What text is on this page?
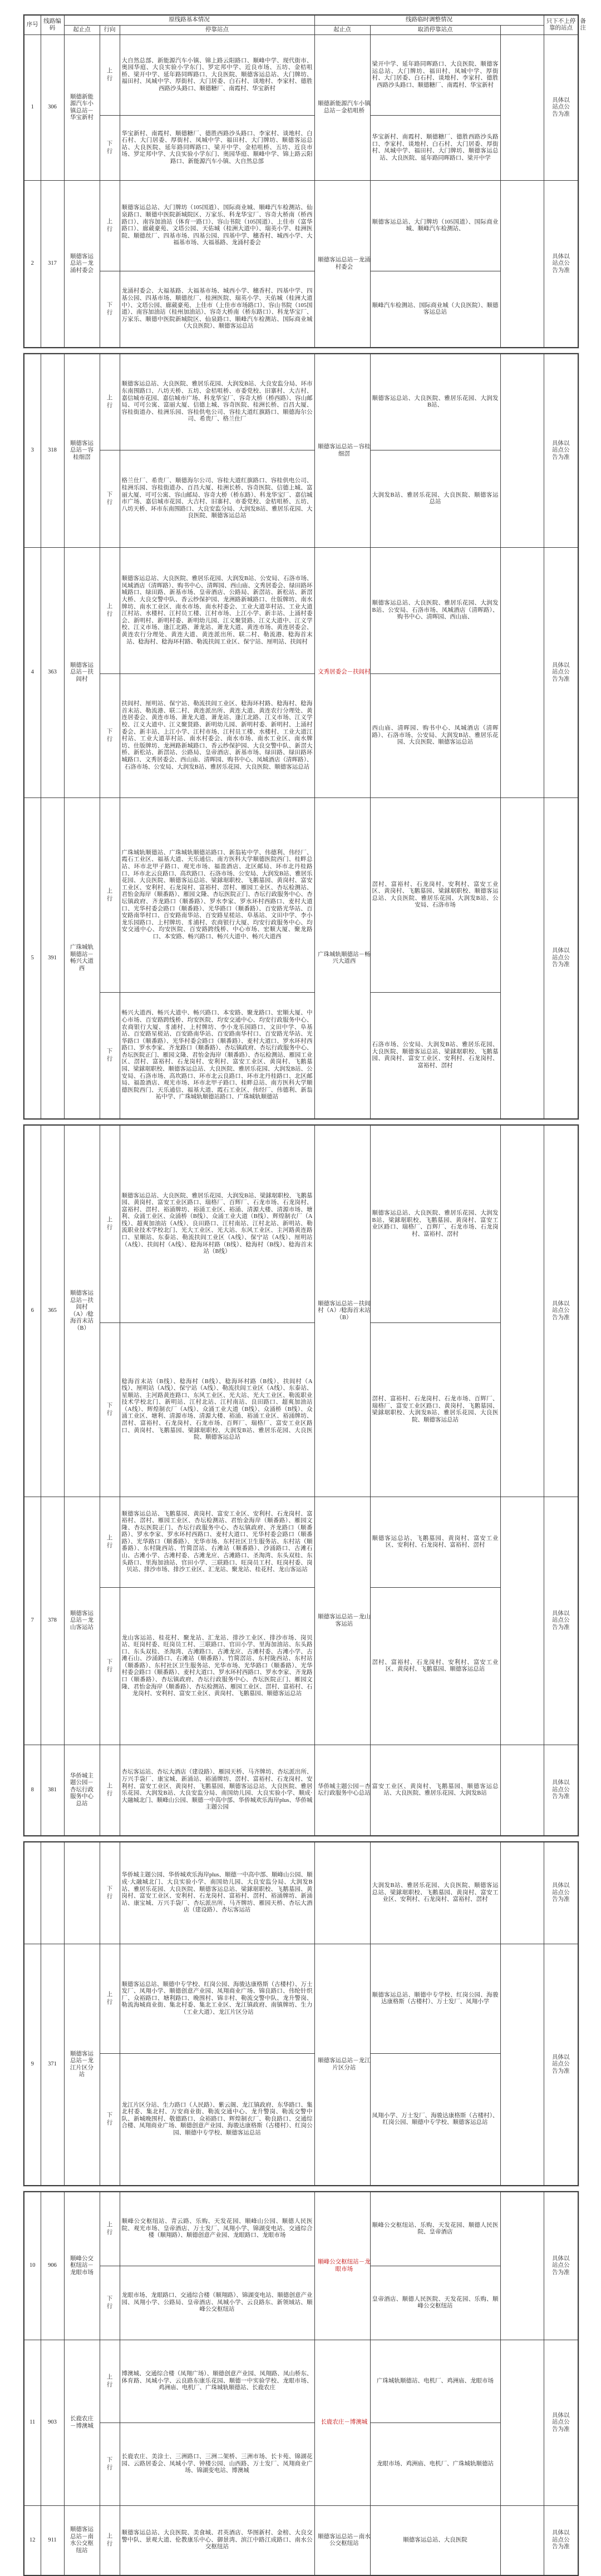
序号	线路编码	原线路基本情况			线路临时调整情况			只下不上停靠的站点	备注
		起止点	行向	停靠站点	起止点	取消停靠站点			
1	306	顺德新能源汽车小镇总站－华宝新村	上行	大自然总部、新能源汽车小镇、锦上路云阳路口、顺峰中学、现代街市、奥园华庭、大良实验小学东门、罗定邦中学、近良市场、五坊、金桔咀桥、梁开中学、延年路同晖路口、大良医院、顺德客运总站、大门牌坊、福田村、凤城中学、厚街村、大门居委、白石村、谈地村、李家村、德胜西路沙头路口、顺德糖厂、南霞村、华宝新村	顺德新能源汽车小镇总站－金桔咀桥	梁开中学、延年路同晖路口、大良医院、顺德客运总站、大门牌坊、福田村、凤城中学、厚街村、大门居委、白石村、谈地村、李家村、德胜西路沙头路口、顺德糖厂、南霞村、华宝新村		具体以站点公告为准	

			下行	华宝新村、南霞村、顺德糖厂、德胜西路沙头路口、李家村、谈地村、白石村、大门居委、厚街村、凤城中学、福田村、大门牌坊、顺德客运总站、大良医院、延年路同晖路口、梁开中学、金桔咀桥、五坊、近良市场、罗定邦中学、大良实验小学东门、奥园华庭、顺峰中学、锦上路云阳路口、新能源汽车小镇、大自然总部		华宝新村、南霞村、顺德糖厂、德胜西路沙头路口、李家村、谈地村、白石村、大门居委、厚街村、凤城中学、福田村、大门牌坊、顺德客运总站、大良医院、延年路同晖路口、梁开中学			
2	317	顺德客运总站－龙涌村委会	上行	顺德客运总站、大门牌坊（105国道）、国际商业城、顺峰汽车检测站、仙泉路口、顺德中医院新城院区、万家乐、科龙华宝厂、容奇大桥南（桥西路口）、南容加油站（体育一路口）、容山书院（105国道）、上佳市（富华路口）、廊葳豪苑、文塔公园、天佑城（桂洲大道中）、瑞英小学、桂洲医院、顺德丝厂、四基市场、四基公园、四基中学、穗香村、城西小学、大福基市场、大福基路、龙涌村委会	顺德客运总站－龙涌村委会	顺德客运总站、大门牌坊（105国道）、国际商业城、顺峰汽车检测站、		具体以站点公告为准	

			下行	龙涌村委会、大福基路、大福基市场、城西小学、穗香村、四基中学、四基公园、四基市场、顺德丝厂、桂洲医院、瑞英小学、天佑城（桂洲大道中）、文塔公园、廊葳豪苑、上佳市（上佳市市场路口）、容山书院（105国道）、南容加油站（桂州加油站）、容奇大桥南（桥东路口）、科龙华宝厂、万家乐、顺德中医院新城院区、仙泉路口、顺峰汽车检测站、国际商业城（大良医院）、顺德客运总站		顺峰汽车检测站、国际商业城（大良医院）、顺德客运总站			
3	318	顺德客运总站－容桂细滘	上行	顺德客运总站、大良医院、雅居乐花园、大润发B站、大良安监分局、环市东南围路口、八坊天桥、五坊、金桔咀桥、市委党校、旧寨村、大吉村、嘉信城市花园、嘉信城市广场、科龙华宝厂、容奇大桥（桥西路）、容山邮局、可可公寓、富丽大厦、信德上城、容奇医院、桂洲长桥、百昌大厦、容桂街道办、桂洲乐园、容桂供电公司、容桂大道红旗路口、顺德海尔公司、希贵厂、格兰仕厂	顺德客运总站－容桂细滘	顺德客运总站、大良医院、雅居乐花园、大润发B站、		具体以站点公告为准

			下行	格兰仕厂、希贵厂、顺德海尔公司、容桂大道红旗路口、容桂供电公司、桂洲乐园、容桂街道办、百昌大厦、桂洲长桥、容奇医院、信德上城、富丽大厦、可可公寓、容山邮局、容奇大桥（桥东路）、科龙华宝厂、嘉信城市广场、嘉信城市花园、大吉村、旧寨村、市委党校、金桔咀桥、五坊、八坊天桥、环市东南围路口、大良安监分局、大润发B站、雅居乐花园、大良医院、顺德客运总站		大润发B站、雅居乐花园、大良医院、顺德客运总站		
4	363	顺德客运总站－扶闾村	上行	顺德客运总站、大良医院、雅居乐花园、大润发B站、公安局、石洛市场、凤城酒店（清晖路）、购书中心、清晖园、西山庙、文秀居委会、绿田路环城路口、绿田路、新基市场、皇帝酒店、公路局、新滘站、新松站、新滘大桥、大良交警中队、香云纱保护园、龙洲路新城路口、仕版牌坊、南水牌坊、南水工业区、南水市场、南水村委会、工业大道莘村站、工业大道江村站、水楼村、江村员工楼、江村市场、上江小学、新丰站、上涌村委会、新明村、新明村委、新明幼儿园、江义聚贤路、江义大道中、江义学校、江义市场、逢江北路、萧龙站、萧龙大道、黄连市场、黄连居委会、黄连农行分理处、黄连大道、黄连派出所、联二村、勒流港、稔海首末站、稔海村、稔海环村路、勒流扶闾工业区、保宁站、厘明站、扶闾村	文秀居委会－扶闾村	顺德客运总站、大良医院、雅居乐花园、大润发B站、公安局、石洛市场、凤城酒店（清晖路）、购书中心、清晖园、西山庙、		具体以站点公告为准

			下行	扶闾村、厘明站、保宁站、勒流扶闾工业区、稔海环村路、稔海村、稔海首末站、勒流港、联二村、黄连派出所、黄连大道、黄连农行分理处、黄连居委会、黄连市场、萧龙大道、萧龙站、逢江北路、江义市场、江义学校、江义大道中、江义聚贤路、新明幼儿园、新明村委、新明村、上涌村委会、新丰站、上江小学、江村市场、江村员工楼、水楼村、工业大道江村站、工业大道莘村站、南水村委会、南水市场、南水工业区、南水牌坊、仕版牌坊、龙洲路新城路口、香云纱保护园、大良交警中队、新滘大桥、新松站、新滘站、公路局、皇帝酒店、新基市场、绿田路、绿田路环城路口、文秀居委会、西山庙、清晖园、购书中心、凤城酒店（清晖路）、石洛市场、公安局、大润发B站、雅居乐花园、大良医院、顺德客运总站		西山庙、清晖园、购书中心、凤城酒店（清晖路）、石洛市场、公安局、大润发B站、雅居乐花园、大良医院、顺德客运总站		
5	391	广珠城轨顺德站－畅兴大道西	上行	广珠城轨顺德站、广珠城轨顺德站路口、新翁祐中学、伟德利、伟经厂、霞石工业区、福基大道、天乐通信、南方医科大学顺德医院西门、桂畔总站、环市北甲子路口、观光市场、福盈酒店、北区邮局、环市北丹桂路口、环市北云良路口、高坎路口、石洛市场、公安局、大润发B站、雅居乐花园、大良医院、顺德客运总站、梁銶琚职校、飞鹅墓园、黄岗村、富安工业区、安利村、石龙岗村、富裕村、滘村、雁园工业区、杏坛检测站、君怡金海岸（顺番路）、雁园文隆、杏坛医院正门、杏坛行政服务中心、杏坛镇政府、齐龙路口（顺番路）、罗水李家、罗水环村西路口、麦村大道口、光华村委会路口（顺番路）、光华路口（顺番路）、百安路光华站、百安路南华村口、百安路南华站、百安路星槎站、阜基站、文田中学、李小龙乐园路口、上村牌坊、豸浦村、农商银行大厦、均安行政服务中心、均安交通中心、均安医院、百安路跨线桥、中心市场、宏顺大厦、聚龙路口、本安路、畅兴路口、畅兴大道中、畅兴大道西	广珠城轨顺德站－畅兴大道西	滘村、富裕村、石龙岗村、安利村、富安工业区、黄岗村、飞鹅墓园、梁銶琚职校、顺德客运总站、大良医院、雅居乐花园、大润发B站、公安局、石洛市场		具体以站点公告为准

			下行	畅兴大道西、畅兴大道中、畅兴路口、本安路、聚龙路口、宏顺大厦、中心市场、百安路跨线桥、均安医院、均安交通中心、均安行政服务中心、农商银行大厦、豸浦村、上村牌坊、李小龙乐园路口、文田中学、阜基站、百安路星槎站、百安路南华站、百安路南华村口、百安路光华站、光华路口（顺番路）、光华村委会路口（顺番路）、麦村大道口、罗水环村西路口、罗水李家、齐龙路口（顺番路）、杏坛镇政府、杏坛行政服务中心、杏坛医院正门、雁园文隆、君怡金海岸（顺番路）、杏坛检测站、雁园工业区、滘村、富裕村、石龙岗村、安利村、富安工业区、黄岗村、飞鹅墓园、梁銶琚职校、顺德客运总站、大良医院、雅居乐花园、大润发B站、公安局、石洛市场、高坎路口、环市北云良路口、环市北丹桂路口、北区邮局、福盈酒店、观光市场、环市北甲子路口、桂畔总站、南方医科大学顺德医院西门、天乐通信、福基大道、霞石工业区、伟经厂、伟德利、新翁祐中学、广珠城轨顺德站路口、广珠城轨顺德站		石洛市场、公安局、大润发B站、雅居乐花园、大良医院、顺德客运总站、梁銶琚职校、飞鹅墓园、黄岗村、富安工业区、安利村、石龙岗村、富裕村、滘村		
6	365	顺德客运总站－扶闾村（A）/稔海首末站（B）	上行	顺德客运总站、大良医院、雅居乐花园、大润发B站、梁銶琚职校、飞鹅墓园、黄岗村、富安工业区路口、瑞格厂、百辉厂、石龙市场、石龙岗村、富裕村、滘村、裕涌牌坊、裕涌工业区、裕涌、清源大楼、清源市场、塘利、众涌工业区、众涌桥（B线）、众涌工业大道（B线）、辉煌制衣厂（A线）、超爽加油站（A线）、良田路口、江村南站、江村北站、新明站、勒流职业技术学校北门、光大工业区、光大站、东风工业区、主河路黄连路口、星顺站、东泰站、勒流扶闾工业区（A线）、保宁站（A线）、厘明站（A线）、扶闾村（A线）、稔海环村路（B线）、稔海村（B线）、稔海首末站（B线）	顺德客运总站－扶闾村（A）/稔海首末站（B）	顺德客运总站、大良医院、雅居乐花园、大润发B站、梁銶琚职校、飞鹅墓园、黄岗村、富安工业区路口、瑞格厂、百辉厂、石龙市场、石龙岗村、富裕村、滘村		具体以站点公告为准

			下行	稔海首末站（B线）、稔海村（B线）、稔海环村路（B线）、扶闾村（A线）、厘明站（A线）、保宁站（A线）、勒流扶闾工业区（A线）、东泰站、星顺站、主河路黄连路口、东风工业区、光大站、光大工业区、勒流职业技术学校北门、新明站、江村北站、江村南站、良田路口、超爽加油站（A线）、辉煌制衣厂（A线）、众涌工业大道（B线）、众涌桥（B线）、众涌工业区、塘利、清源市场、清源大楼、裕涌、裕涌工业区、裕涌牌坊、滘村、富裕村、石龙岗村、石龙市场、百辉厂、瑞格厂、富安工业区路口、黄岗村、飞鹅墓园、梁銶琚职校、大润发B站、雅居乐花园、大良医院、顺德客运总站		滘村、富裕村、石龙岗村、石龙市场、百辉厂、瑞格厂、富安工业区路口、黄岗村、飞鹅墓园、梁銶琚职校、大润发B站、雅居乐花园、大良医院、顺德客运总站		
7	378	顺德客运总站－龙山客运站	上行	顺德客运总站、飞鹅墓园、黄岗村、富安工业区、安利村、石龙岗村、富裕村、滘村、雁园工业区、杏坛检测站、君怡金海岸（顺番路）、雁园文隆、杏坛医院正门、杏坛行政服务中心、杏坛镇政府、齐龙路口（顺番路）、罗水李家、罗水环村西路口、麦村大道口、光华村委会路口（顺番路）、光华路口（顺番路）、光华市场、东村社区卫生服务站、东村站（顺番路）、东村陇西站、竹简滘站、右滩站（顺番路）、沙涌路口、古滩石山、古滩小学、古滩村委、古滩龙应、古滩路口、圣淘湾、东头双桂、东头路口、里海加油站、官田小学、三联路口、旺岗员工村、旺岗村委、岗贝站、排沙市场、排沙工业区、汇龙站、聚龙站、桂花村、龙山客运站	顺德客运总站－龙山客运站	顺德客运总站、飞鹅墓园、黄岗村、富安工业区、安利村、石龙岗村、富裕村、滘村		具体以站点公告为准

			下行	龙山客运站、桂花村、聚龙站、汇龙站、排沙工业区、排沙市场、岗贝站、旺岗村委、旺岗员工村、三联路口、官田小学、里海加油站、东头路口、东头双桂、圣淘湾、古滩路口、古滩龙应、古滩村委、古滩小学、古滩石山、沙涌路口、右滩站（顺番路）、竹简滘站、东村陇西站、东村站（顺番路）、东村社区卫生服务站、光华市场、光华路口（顺番路）、光华村委会路口（顺番路）、麦村大道口、罗水环村西路口、罗水李家、齐龙路口（顺番路）、杏坛镇政府、杏坛行政服务中心、杏坛医院正门、雁园文隆、君怡金海岸（顺番路）、杏坛检测站、雁园工业区、滘村、富裕村、石龙岗村、安利村、富安工业区、黄岗村、飞鹅墓园、顺德客运总站		滘村、富裕村、石龙岗村、安利村、富安工业区、黄岗村、飞鹅墓园、顺德客运总站		
8	381	华侨城主题公园－杏坛行政服务中心总站	上行	杏坛客运站、杏坛大酒店（建设路）、雁园天桥、马齐牌坊、杏坛派出所、万兴手袋厂、康宝城、新涌站、裕涌牌坊、滘村、富裕村、石龙岗村、安利村、富安工业区、黄岗村、飞鹅墓园、顺德客运总站、大良医院、雅居乐花园、大润发B站、大良安监分局、南国幼儿园、大良实验小学、顺成·大融城北门、顺峰山公园、顺德一中高中部、华侨城欢乐海岸plus、华侨城主题公园	华侨城主题公园－杏坛行政服务中心总站	富安工业区、黄岗村、飞鹅墓园、顺德客运总站、大良医院、雅居乐花园、大润发B站		具体以站点公告为准

			下行	华侨城主题公园、华侨城欢乐海岸plus、顺德一中高中部、顺峰山公园、顺成·大融城北门、大良实验小学、南国幼儿园、大良安监分局、大润发B站、雅居乐花园、大良医院、顺德客运总站、梁銶琚职校、飞鹅墓园、黄岗村、富安工业区、安利村、石龙岗村、富裕村、滘村、裕涌牌坊、新涌站、康宝城、万兴手袋厂、杏坛派出所、马齐牌坊、雁园天桥、杏坛大酒店（建设路）、杏坛客运站		大润发B站、雅居乐花园、大良医院、顺德客运总站、梁銶琚职校、飞鹅墓园、黄岗村、富安工业区、安利村、石龙岗村、富裕村、滘村		具体以站点公告为准

9	371	顺德客运总站－龙江片区分站	上行	顺德客运总站、顺德中专学校、红岗公园、海骏达康格斯（古楼村）、万士发厂、凤翔小学、顺德创意产业园、凤翔商业广场、锦良路口、伟纶针织厂、众裕路口、塘利路口、晚围村、锦丰村、勒流交警中队、龙升警岗、勒流海城商业街、集北村委、集北工业区、龙江镇政府、南镇牌坊、生力（工业大道）、龙江片区分站	顺德客运总站－龙江片区分站	顺德客运总站、顺德中专学校、红岗公园、海骏达康格斯（古楼村）、万士发厂、凤翔小学		具体以站点公告为准

			下行	龙江片区分站、生力路口（人民路）、紫云阁、龙江镇政府、东华路口、集北村委、集北村、万安商业街、勒流交通中心、龙升警岗、勒流交警中队、新城晚围村、敬德路口、众裕路口、辉煌制衣厂、勒良路口、交通综合楼、凤翔商业广场、顺德创意产业园、海骏达康格斯（古楼村）、红岗公园、顺德中专学校、顺德客运总站		凤翔小学、万士发厂、海骏达康格斯（古楼村）、红岗公园、顺德中专学校、顺德客运总站		
10	906	顺峰公交枢纽站－龙眼市场	上行	顺峰公交枢纽站、青云路、乐购、天发花园、顺峰山公园、顺德人民医院、观光市场、皇帝酒店、万士发厂、凤翔小学、锦湖变电站、交通综合楼（顺翔路）、顺德创意产业园、龙眼路口、龙眼市场	顺峰公交枢纽站－龙眼市场	顺峰公交枢纽站、乐购、天发花园、顺德人民医院、皇帝酒店		具体以站点公告为准

			下行	龙眼市场、龙眼路口、交通综合楼（顺翔路）、锦湖变电站、顺德创意产业园、凤翔小学、公路局、皇帝酒店、凤城小学、云良路东、新领域站、顺峰公交枢纽站		皇帝酒店、顺德人民医院、天发花园、乐购、顺峰公交枢纽站		
11	903	长鹿农庄－博澳城	上行	博澳城、交通综合楼（凤翔广场）、顺德创意产业园、凤翔路、凤山桥东、体育路、凤城小学、云良路东康乐花园、顺德一中实验学校、龙眼市场、鸡洲庙、电机厂、广珠城轨顺德站、长鹿农庄	长鹿农庄－博澳城	广珠城轨顺德站、电机厂、鸡洲庙、龙眼市场		具体以站点公告为准

			下行	长鹿农庄、美涂士、三洲路口、三洲二架桥、三洲市场、长卡苑、锦湖花园、云路居委会、凤城小学、钟楼公园、山西路、万士发厂、凤翔商业广场、锦湖变电站、博澳城		龙眼市场、鸡洲庙、电机厂、广珠城轨顺德站		
12	911	顺德客运总站－南水公交枢纽站	上行	顺德客运总站、大良医院、美食城、君英酒店、华图新村、金榜、大良交警中队、景观大道、伦教康乐中心、御景湾、滨江中路江成路口、南水公交枢纽站	顺德客运总站－南水公交枢纽站	顺德客运总站、大良医院		具体以站点公告为准
